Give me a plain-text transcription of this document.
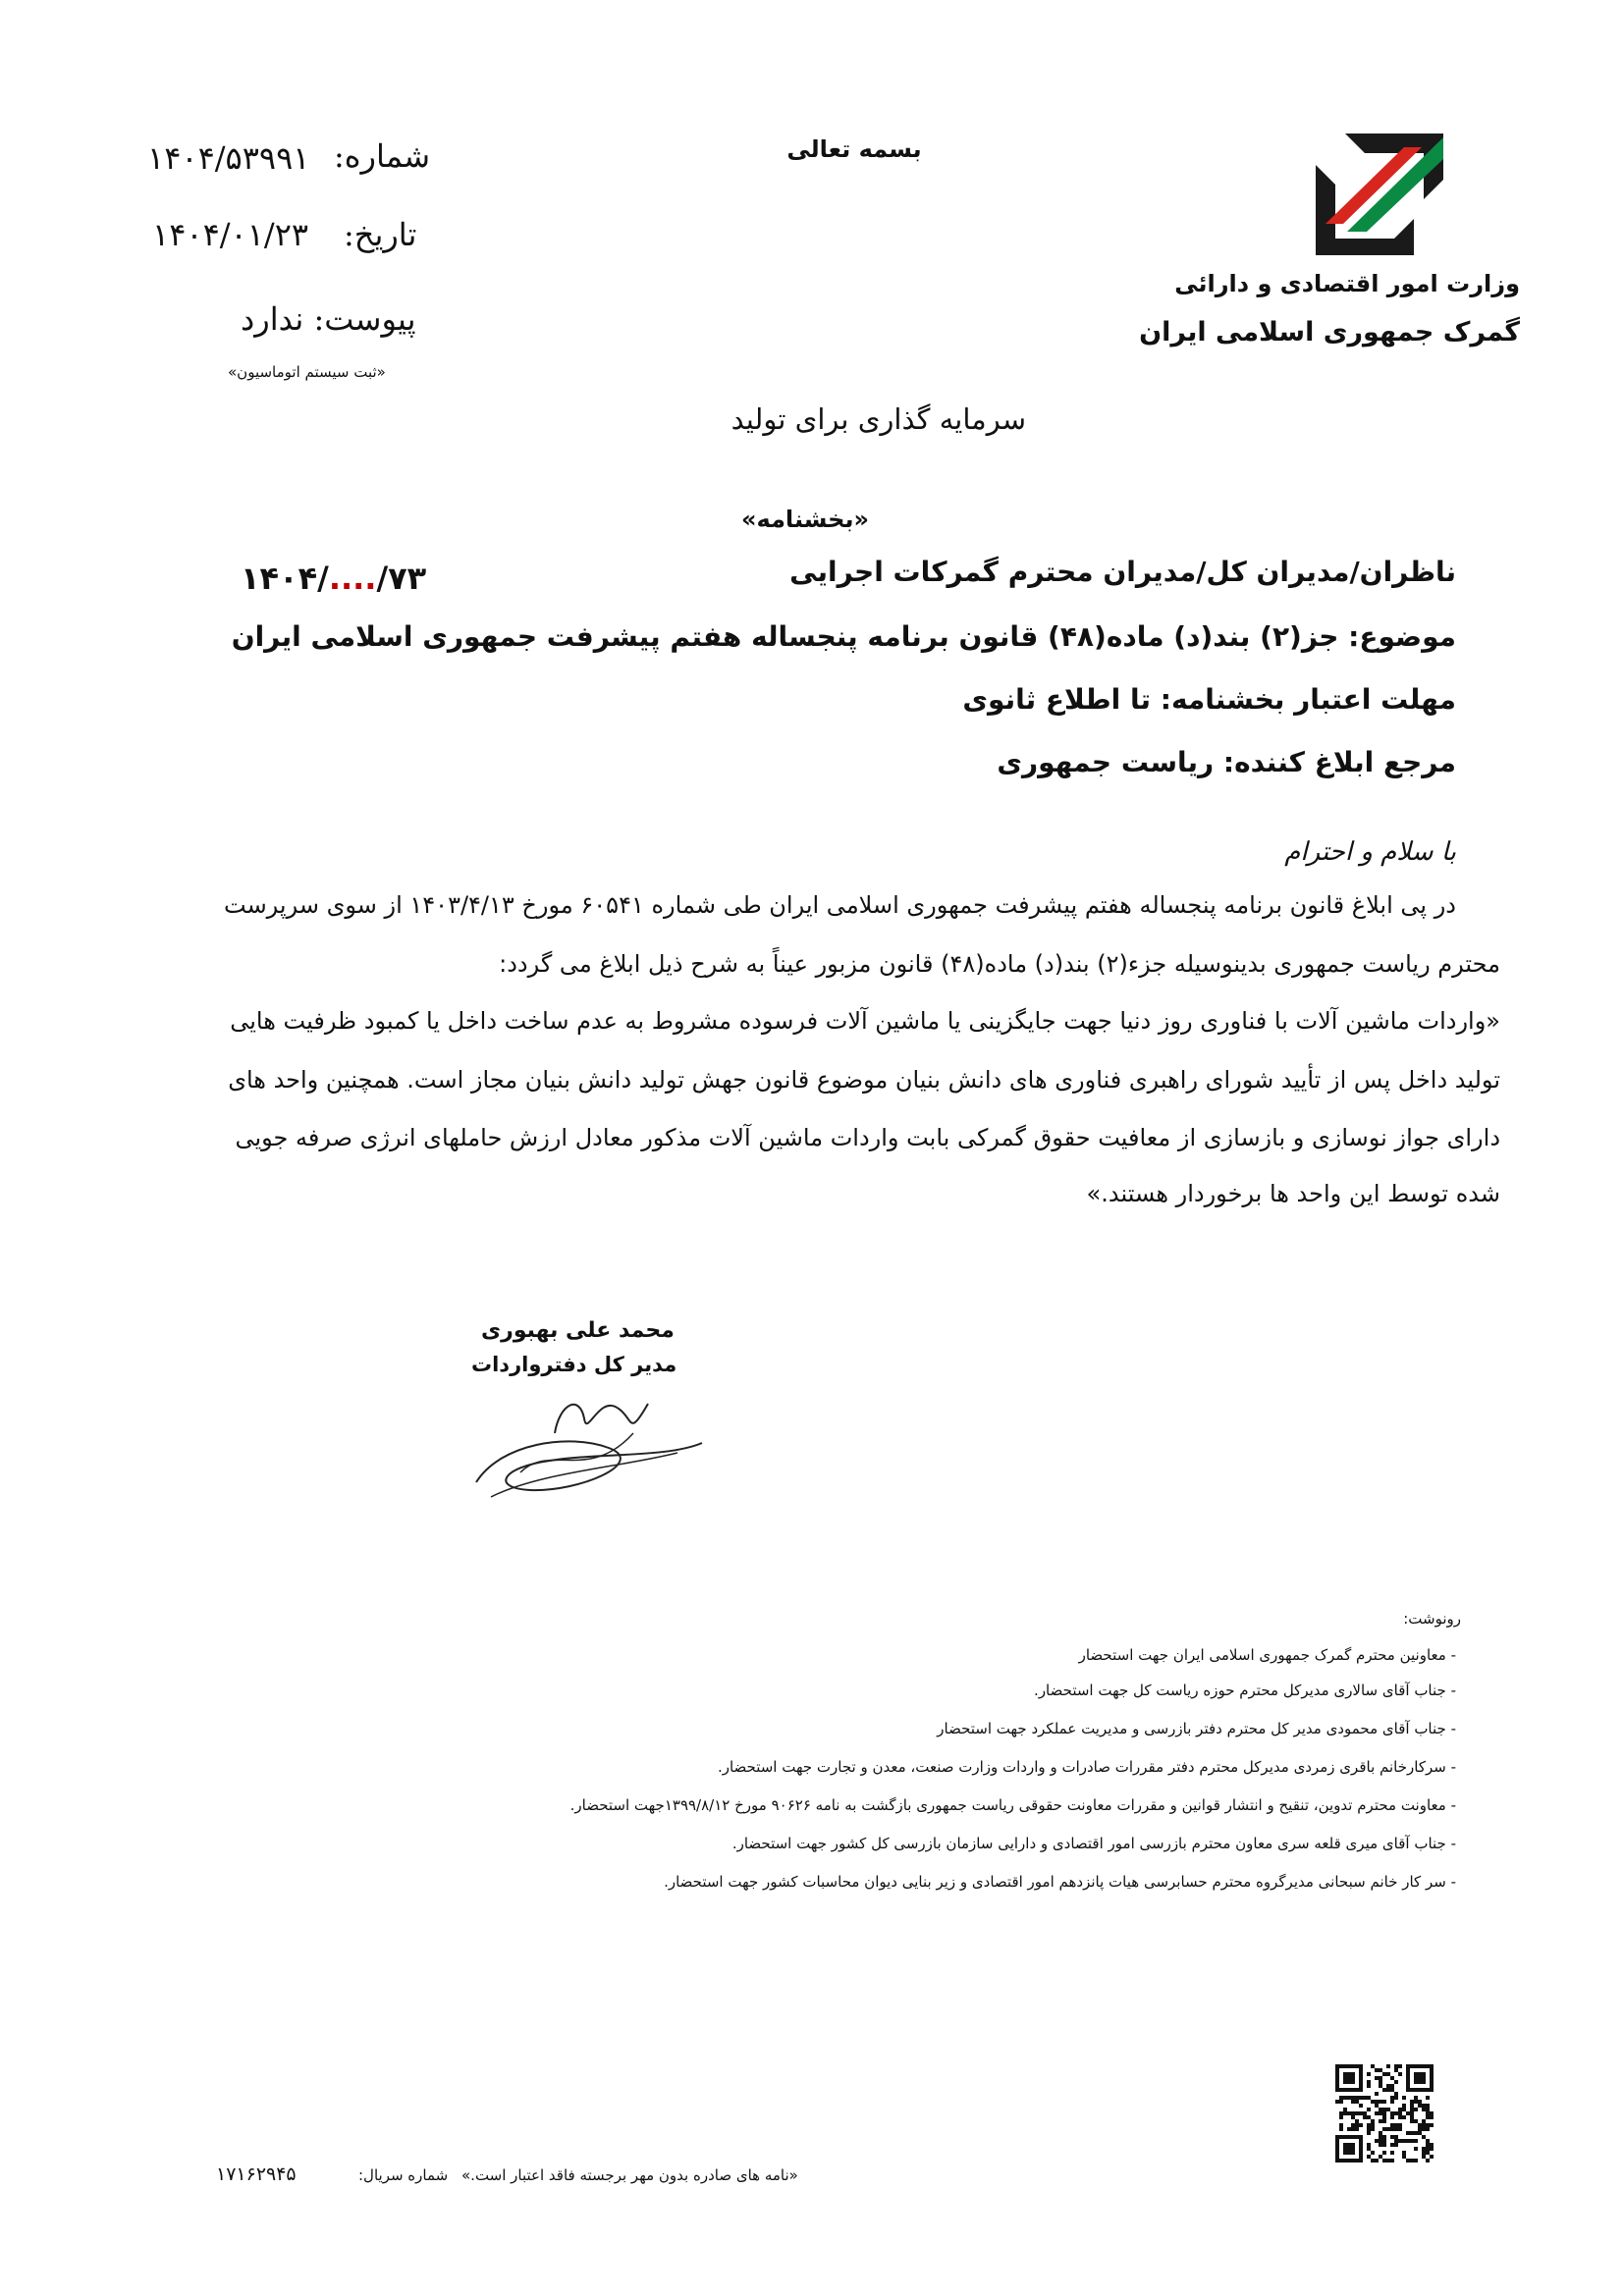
وزارت امور اقتصادی و دارائی
گمرک جمهوری اسلامی ایران
بسمه تعالی
شماره:
۱۴۰۴/۵۳۹۹۱
تاریخ:
۱۴۰۴/۰۱/۲۳
پیوست: ندارد
«ثبت سیستم اتوماسیون»
سرمایه گذاری برای تولید
«بخشنامه»
۱۴۰۴/..../۷۳	ناظران/مدیران کل/مدیران محترم گمرکات اجرایی
موضوع: جز(۲) بند(د) ماده(۴۸) قانون برنامه پنجساله هفتم پیشرفت جمهوری اسلامی ایران
مهلت اعتبار بخشنامه: تا اطلاع ثانوی
مرجع ابلاغ کننده: ریاست جمهوری
با سلام و احترام
در پی ابلاغ قانون برنامه پنجساله هفتم پیشرفت جمهوری اسلامی ایران طی شماره ۶۰۵۴۱ مورخ ۱۴۰۳/۴/۱۳ از سوی سرپرست
محترم ریاست جمهوری بدینوسیله جزء(۲) بند(د) ماده(۴۸) قانون مزبور عیناً به شرح ذیل ابلاغ می گردد:
«واردات ماشین آلات با فناوری روز دنیا جهت جایگزینی یا ماشین آلات فرسوده مشروط به عدم ساخت داخل یا کمبود ظرفیت هایی
تولید داخل پس از تأیید شورای راهبری فناوری های دانش بنیان موضوع قانون جهش تولید دانش بنیان مجاز است. همچنین واحد های
دارای جواز نوسازی و بازسازی از معافیت حقوق گمرکی بابت واردات ماشین آلات مذکور معادل ارزش حاملهای انرژی صرفه جویی
شده توسط این واحد ها برخوردار هستند.»
محمد علی بهبوری
مدیر کل دفترواردات
رونوشت:
- معاونین محترم گمرک جمهوری اسلامی ایران جهت استحضار
- جناب آقای سالاری مدیرکل محترم حوزه ریاست کل جهت استحضار.
- جناب آقای محمودی مدیر کل محترم دفتر بازرسی و مدیریت عملکرد جهت استحضار
- سرکارخانم باقری زمردی مدیرکل محترم دفتر مقررات صادرات و واردات وزارت صنعت، معدن و تجارت جهت استحضار.
- معاونت محترم تدوین، تنقیح و انتشار قوانین و مقررات معاونت حقوقی ریاست جمهوری بازگشت به نامه ۹۰۶۲۶ مورخ ۱۳۹۹/۸/۱۲جهت استحضار.
- جناب آقای میری قلعه سری معاون محترم بازرسی امور اقتصادی و دارایی سازمان بازرسی کل کشور جهت استحضار.
- سر کار خانم سبحانی مدیرگروه محترم حسابرسی هیات پانزدهم امور اقتصادی و زیر بنایی دیوان محاسبات کشور جهت استحضار.
«نامه های صادره بدون مهر برجسته فاقد اعتبار است.»
شماره سریال:
۱۷۱۶۲۹۴۵
